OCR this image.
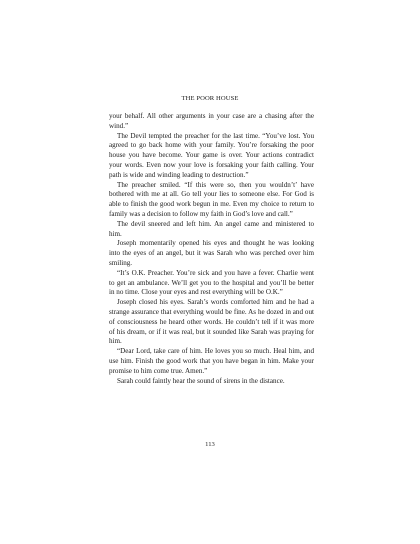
THE POOR HOUSE

your behalf. All other arguments in your case are a chasing after the wind.”

The Devil tempted the preacher for the last time. “You’ve lost. You agreed to go back home with your family. You’re forsaking the poor house you have become. Your game is over. Your actions contradict your words. Even now your love is forsaking your faith calling. Your path is wide and winding leading to destruction.”

The preacher smiled. “If this were so, then you wouldn’t’ have bothered with me at all. Go tell your lies to someone else. For God is able to finish the good work begun in me. Even my choice to return to family was a decision to follow my faith in God’s love and call.”

The devil sneered and left him. An angel came and ministered to him.

Joseph momentarily opened his eyes and thought he was looking into the eyes of an angel, but it was Sarah who was perched over him smiling.

“It’s O.K. Preacher. You’re sick and you have a fever. Charlie went to get an ambulance. We’ll get you to the hospital and you’ll be better in no time. Close your eyes and rest everything will be O.K.”

Joseph closed his eyes. Sarah’s words comforted him and he had a strange assurance that everything would be fine. As he dozed in and out of consciousness he heard other words. He couldn’t tell if it was more of his dream, or if it was real, but it sounded like Sarah was praying for him.

“Dear Lord, take care of him. He loves you so much. Heal him, and use him. Finish the good work that you have began in him. Make your promise to him come true. Amen.”

Sarah could faintly hear the sound of sirens in the distance.

113
